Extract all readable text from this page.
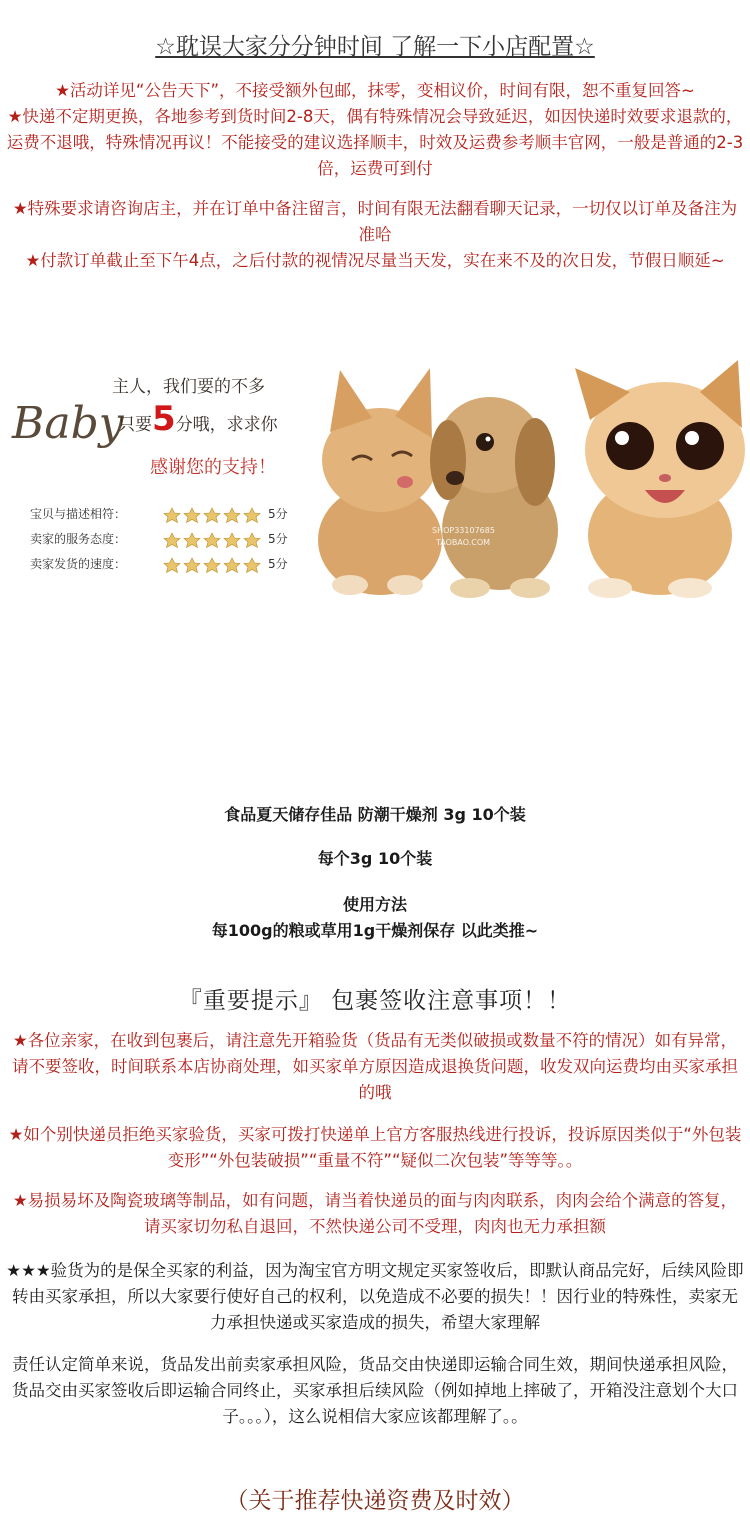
☆耽误大家分分钟时间 了解一下小店配置☆
★活动详见“公告天下”，不接受额外包邮，抹零，变相议价，时间有限，恕不重复回答~
★快递不定期更换，各地参考到货时间2-8天，偶有特殊情况会导致延迟，如因快递时效要求退款的，运费不退哦，特殊情况再议！不能接受的建议选择顺丰，时效及运费参考顺丰官网，一般是普通的2-3倍，运费可到付
★特殊要求请咨询店主，并在订单中备注留言，时间有限无法翻看聊天记录，一切仅以订单及备注为准哈
★付款订单截止至下午4点，之后付款的视情况尽量当天发，实在来不及的次日发，节假日顺延~
Baby
主人，我们要的不多
只要5分哦，求求你
感谢您的支持！
宝贝与描述相符：	5分
卖家的服务态度：	5分
卖家发货的速度：	5分
SHOP33107685
TAOBAO.COM
食品夏天储存佳品 防潮干燥剂 3g 10个装
每个3g 10个装
使用方法
每100g的粮或草用1g干燥剂保存 以此类推~
『重要提示』 包裹签收注意事项！！
★各位亲家，在收到包裹后，请注意先开箱验货（货品有无类似破损或数量不符的情况）如有异常，请不要签收，时间联系本店协商处理，如买家单方原因造成退换货问题，收发双向运费均由买家承担的哦
★如个别快递员拒绝买家验货，买家可拨打快递单上官方客服热线进行投诉，投诉原因类似于“外包装变形”“外包装破损”“重量不符”“疑似二次包装”等等等。。
★易损易坏及陶瓷玻璃等制品，如有问题，请当着快递员的面与肉肉联系，肉肉会给个满意的答复，请买家切勿私自退回，不然快递公司不受理，肉肉也无力承担额
★★★验货为的是保全买家的利益，因为淘宝官方明文规定买家签收后，即默认商品完好，后续风险即转由买家承担，所以大家要行使好自己的权利，以免造成不必要的损失！！因行业的特殊性，卖家无力承担快递或买家造成的损失，希望大家理解
责任认定简单来说，货品发出前卖家承担风险，货品交由快递即运输合同生效，期间快递承担风险，货品交由买家签收后即运输合同终止，买家承担后续风险（例如掉地上摔破了，开箱没注意划个大口子。。。），这么说相信大家应该都理解了。。
（关于推荐快递资费及时效）
